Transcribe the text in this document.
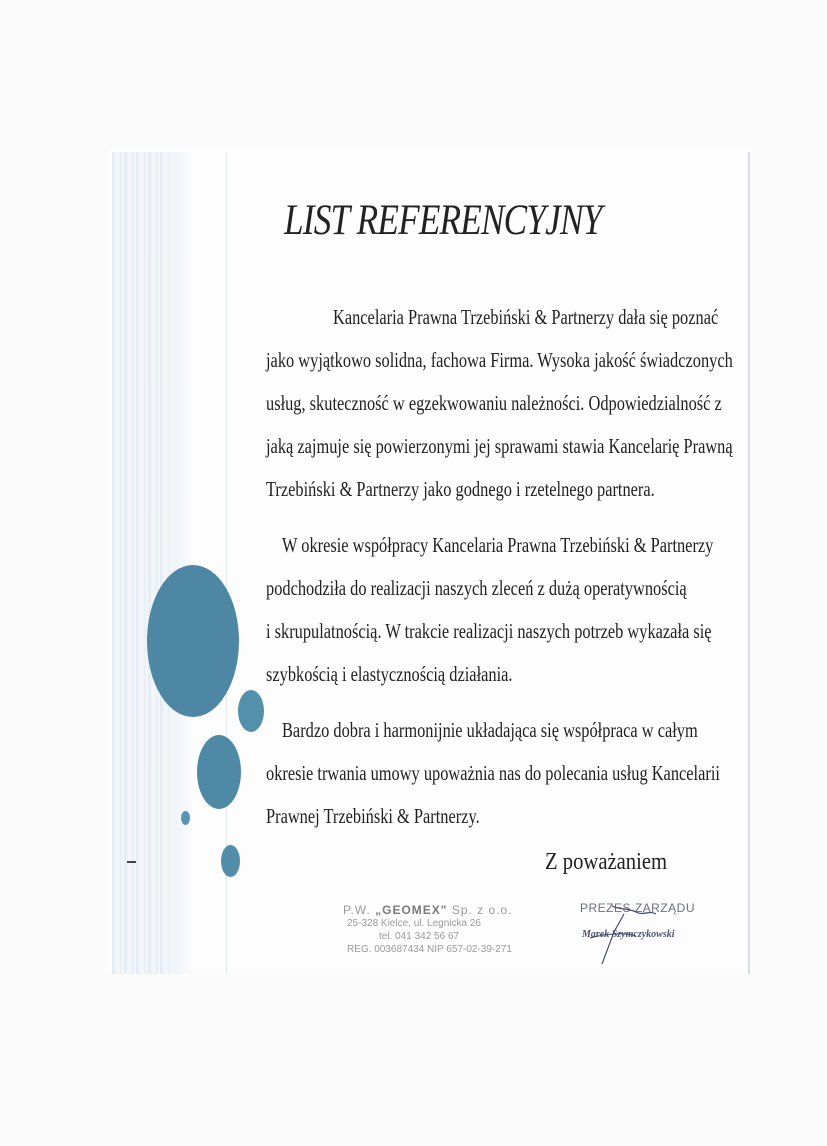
LIST REFERENCYJNY
Kancelaria Prawna Trzebiński & Partnerzy dała się poznać
jako wyjątkowo solidna, fachowa Firma. Wysoka jakość świadczonych
usług, skuteczność w egzekwowaniu należności. Odpowiedzialność z
jaką zajmuje się powierzonymi jej sprawami stawia Kancelarię Prawną
Trzebiński & Partnerzy jako godnego i rzetelnego partnera.
W okresie współpracy Kancelaria Prawna Trzebiński & Partnerzy
podchodziła do realizacji naszych zleceń z dużą operatywnością
i skrupulatnością. W trakcie realizacji naszych potrzeb wykazała się
szybkością i elastycznością działania.
Bardzo dobra i harmonijnie układająca się współpraca w całym
okresie trwania umowy upoważnia nas do polecania usług Kancelarii
Prawnej Trzebiński & Partnerzy.
Z poważaniem
P.W. „GEOMEX" Sp. z o.o.
25-328 Kielce, ul. Legnicka 26
tel. 041 342 56 67
REG. 003687434 NIP 657-02-39-271
PREZES ZARZĄDU
Marek Szymczykowski
